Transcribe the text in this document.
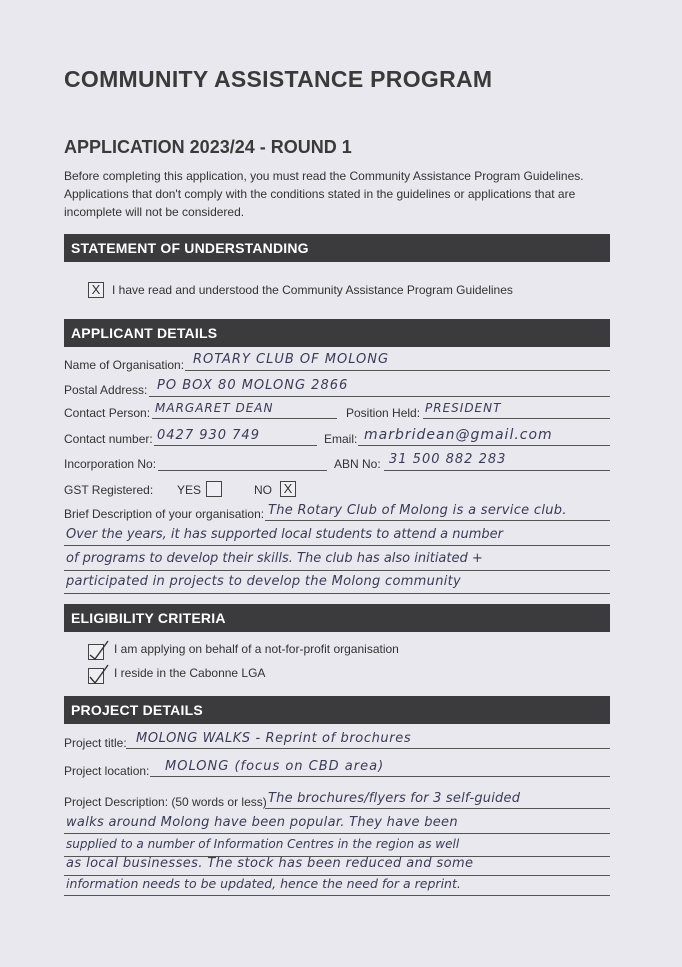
COMMUNITY ASSISTANCE PROGRAM
APPLICATION 2023/24 - ROUND 1
Before completing this application, you must read the Community Assistance Program Guidelines. Applications that don't comply with the conditions stated in the guidelines or applications that are incomplete will not be considered.
STATEMENT OF UNDERSTANDING
X I have read and understood the Community Assistance Program Guidelines
APPLICANT DETAILS
Name of Organisation: ROTARY CLUB OF MOLONG
Postal Address: PO BOX 80 MOLONG 2866
Contact Person: MARGARET DEAN	Position Held: PRESIDENT
Contact number: 0427 930 749	Email: marbridean@gmail.com
Incorporation No:	ABN No: 31 500 882 283
GST Registered: YES	NO X
Brief Description of your organisation: The Rotary Club of Molong is a service club.
Over the years, it has supported local students to attend a number
of programs to develop their skills. The club has also initiated +
participated in projects to develop the Molong community
ELIGIBILITY CRITERIA
I am applying on behalf of a not-for-profit organisation
I reside in the Cabonne LGA
PROJECT DETAILS
Project title: MOLONG WALKS - Reprint of brochures
Project location: MOLONG (focus on CBD area)
Project Description: (50 words or less) The brochures/flyers for 3 self-guided
walks around Molong have been popular. They have been
supplied to a number of Information Centres in the region as well
as local businesses. The stock has been reduced and some
information needs to be updated, hence the need for a reprint.
